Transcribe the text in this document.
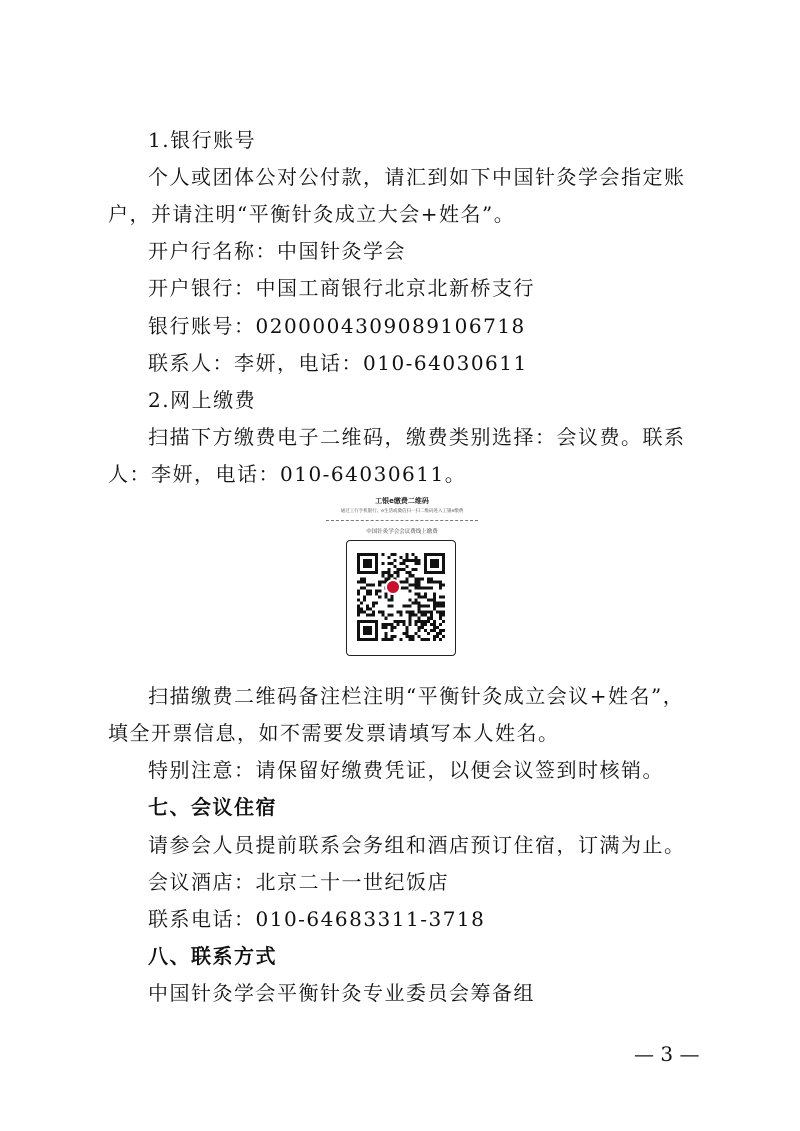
1.银行账号
个人或团体公对公付款，请汇到如下中国针灸学会指定账
户，并请注明“平衡针灸成立大会+姓名”。
开户行名称：中国针灸学会
开户银行：中国工商银行北京北新桥支行
银行账号：0200004309089106718
联系人：李妍，电话：010-64030611
2.网上缴费
扫描下方缴费电子二维码，缴费类别选择：会议费。联系
人：李妍，电话：010-64030611。
工银e缴费二维码
通过工行手机银行、e生活或微信扫一扫二维码进入工银e缴费
中国针灸学会会议费线上缴费
扫描缴费二维码备注栏注明“平衡针灸成立会议+姓名”，
填全开票信息，如不需要发票请填写本人姓名。
特别注意：请保留好缴费凭证，以便会议签到时核销。
七、会议住宿
请参会人员提前联系会务组和酒店预订住宿，订满为止。
会议酒店：北京二十一世纪饭店
联系电话：010-64683311-3718
八、联系方式
中国针灸学会平衡针灸专业委员会筹备组
— 3 —
